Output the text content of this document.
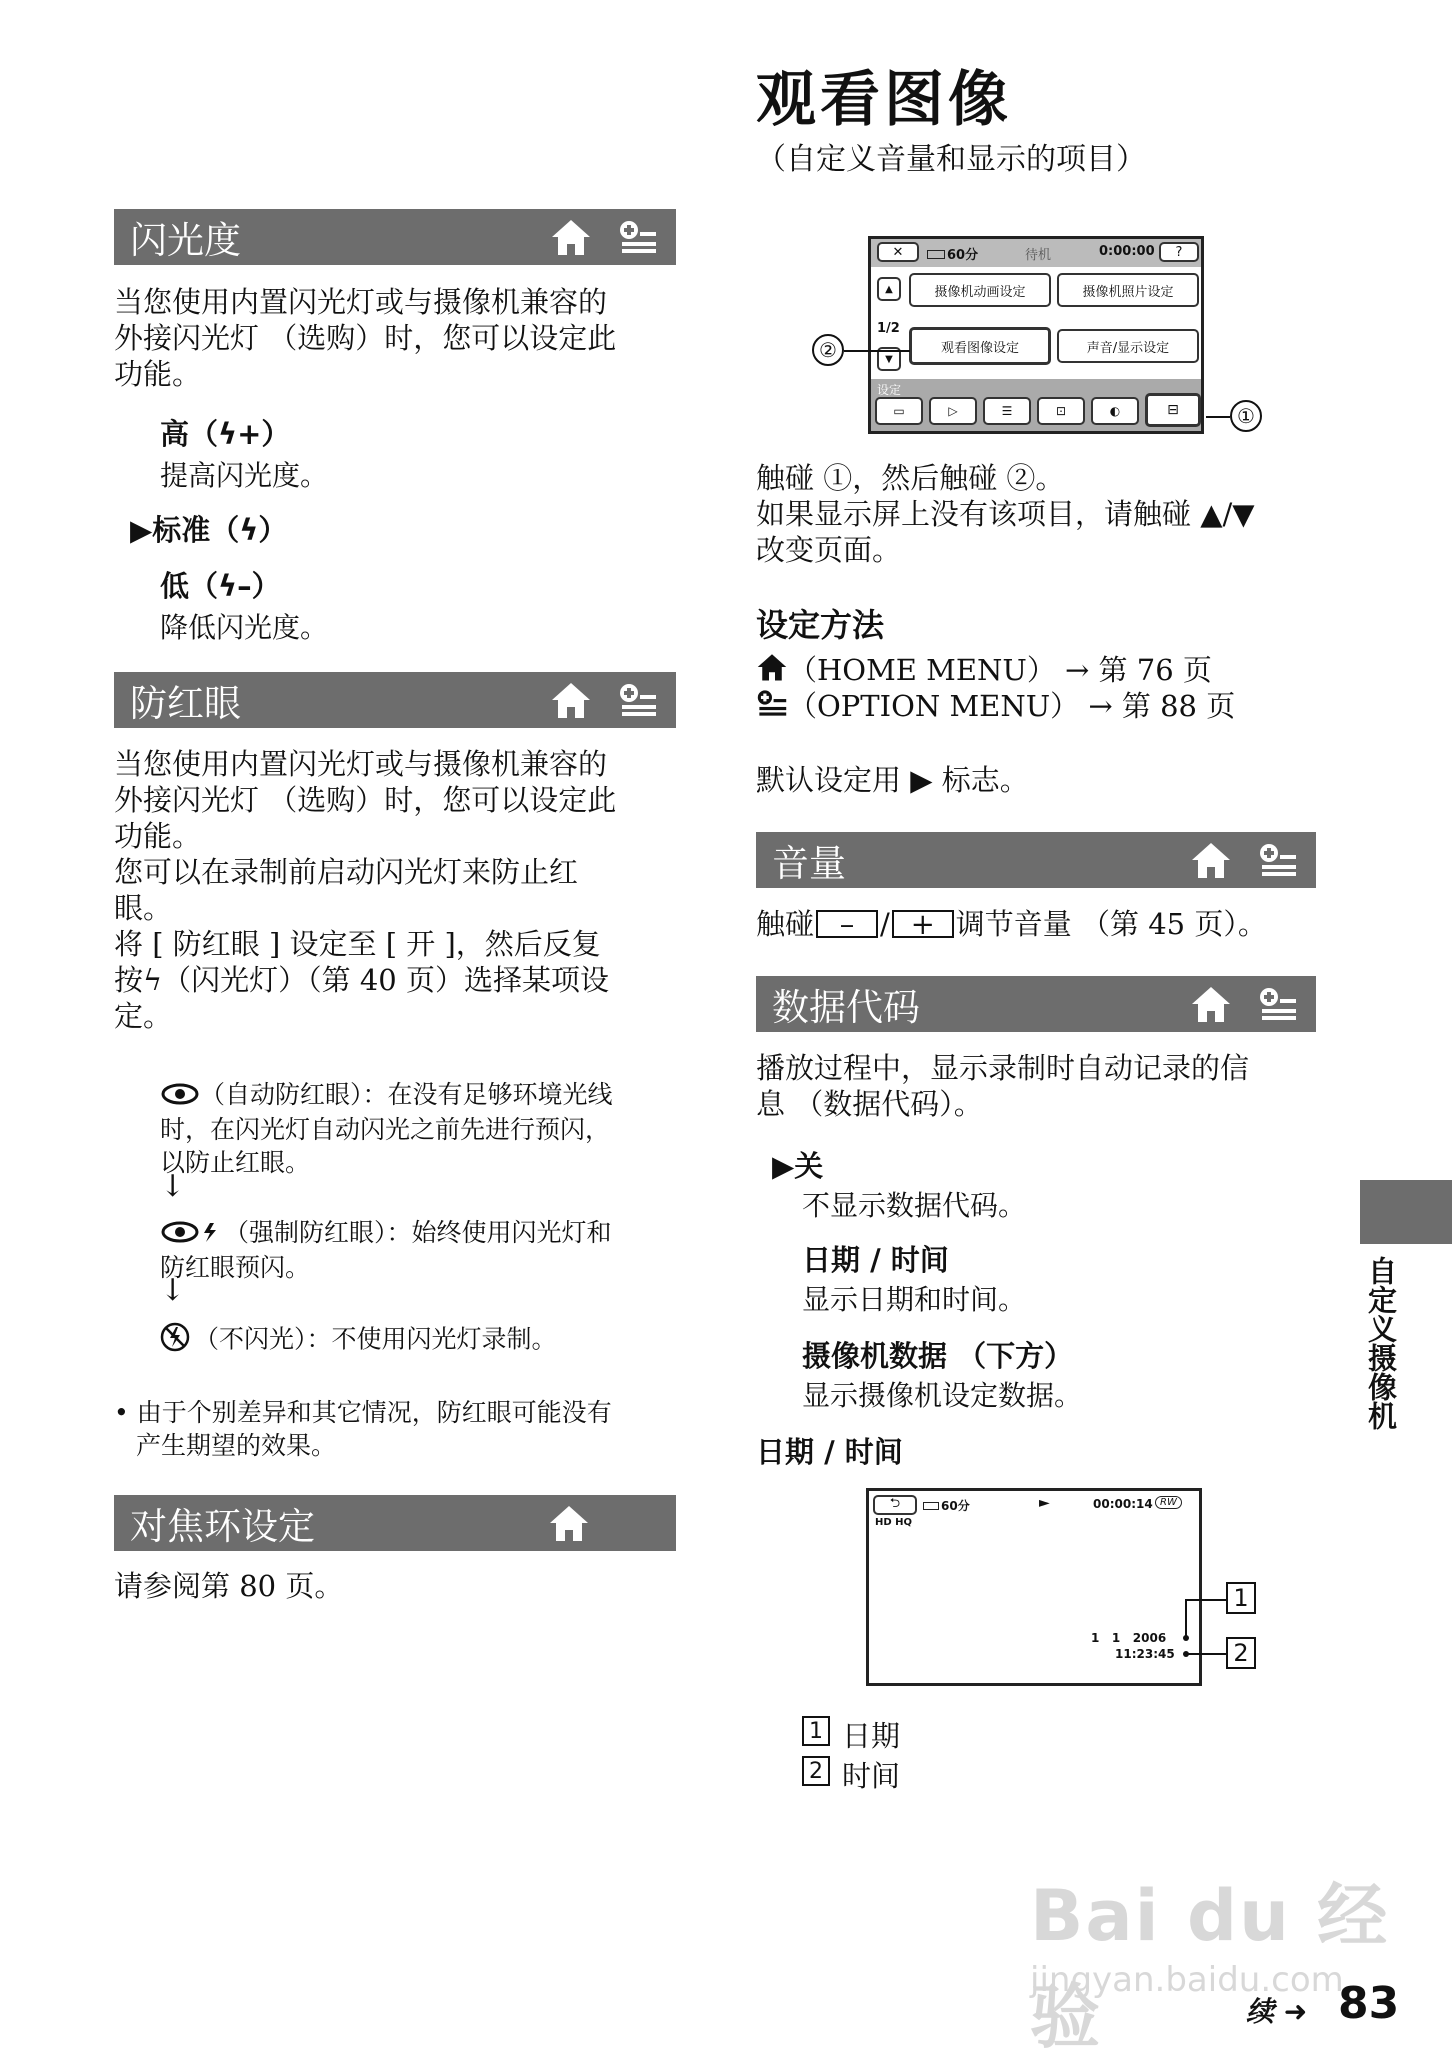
观看图像
（自定义音量和显示的项目）
闪光度

当您使用内置闪光灯或与摄像机兼容的

外接闪光灯 （选购）时，您可以设定此

功能。

高（ϟ+）
提高闪光度。
▶标准（ϟ）
低（ϟ–）
降低闪光度。
防红眼

当您使用内置闪光灯或与摄像机兼容的

外接闪光灯 （选购）时，您可以设定此

功能。

您可以在录制前启动闪光灯来防止红

眼。

将 [ 防红眼 ] 设定至 [ 开 ]，然后反复

按ϟ（闪光灯）（第 40 页）选择某项设

定。

（自动防红眼）：在没有足够环境光线

时，在闪光灯自动闪光之前先进行预闪，

以防止红眼。

↓

（强制防红眼）：始终使用闪光灯和

防红眼预闪。

↓

（不闪光）：不使用闪光灯录制。

• 由于个别差异和其它情况，防红眼可能没有

产生期望的效果。

对焦环设定
请参阅第 80 页。
✕	60分	待机	0:00:00	?
▲
1/2
▼
摄像机动画设定	摄像机照片设定
观看图像设定	声音/显示设定
设定
▭	▷	☰	⊡	◐	⊟	①
②

触碰 ①，然后触碰 ②。

如果显示屏上没有该项目，请触碰 ▲/▼

改变页面。

设定方法
（HOME MENU） → 第 76 页
（OPTION MENU） → 第 88 页
默认设定用 ▶ 标志。
音量
触碰 – / + 调节音量 （第 45 页）。
数据代码

播放过程中，显示录制时自动记录的信

息 （数据代码）。

▶关
不显示数据代码。
日期 / 时间
显示日期和时间。
摄像机数据 （下方）
显示摄像机设定数据。
日期 / 时间
⮌	60分	►	00:00:14 RW
HD HQ
1   1   2006
11:23:45
1
2
1 日期
2 时间
自定义摄像机
Bai du 经验
jingyan.baidu.com
续 ➜ 83
